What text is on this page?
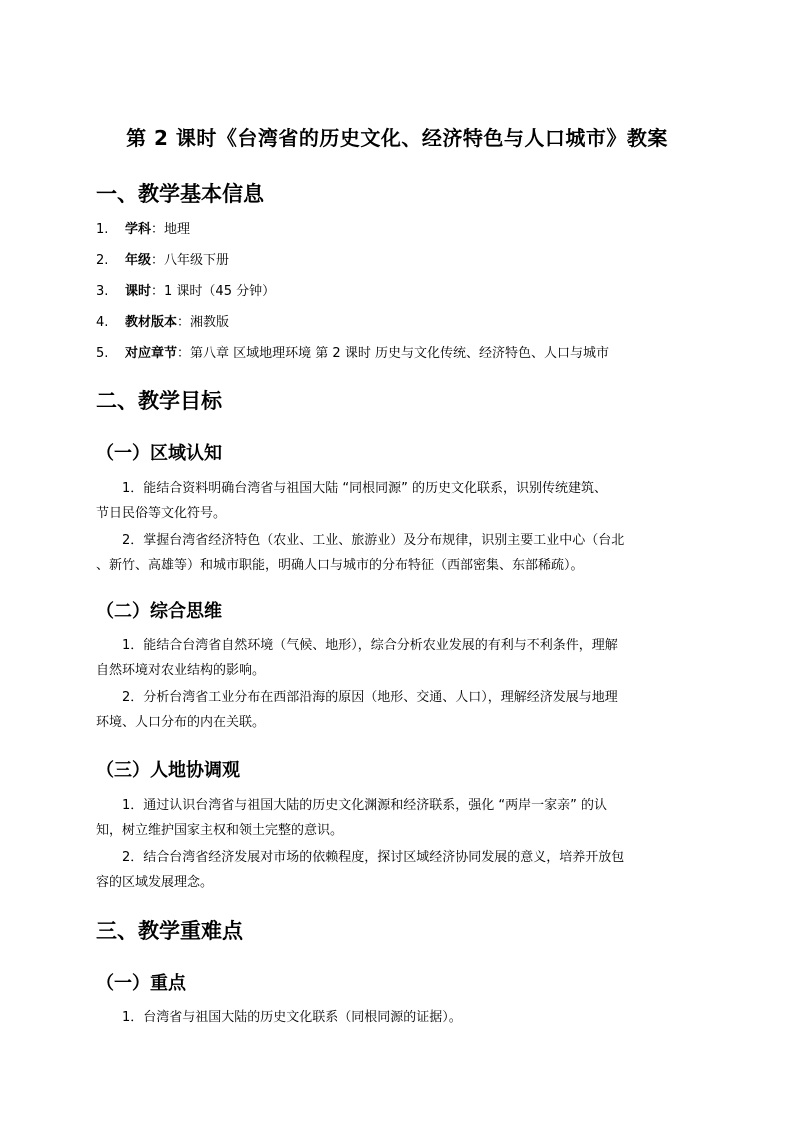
第 2 课时《台湾省的历史文化、经济特色与人口城市》教案
一、教学基本信息
1. 学科：地理
2. 年级：八年级下册
3. 课时：1 课时（45 分钟）
4. 教材版本：湘教版
5. 对应章节：第八章 区域地理环境 第 2 课时 历史与文化传统、经济特色、人口与城市
二、教学目标
（一）区域认知
1．能结合资料明确台湾省与祖国大陆 “同根同源” 的历史文化联系，识别传统建筑、
节日民俗等文化符号。
2．掌握台湾省经济特色（农业、工业、旅游业）及分布规律，识别主要工业中心（台北
、新竹、高雄等）和城市职能，明确人口与城市的分布特征（西部密集、东部稀疏）。
（二）综合思维
1．能结合台湾省自然环境（气候、地形），综合分析农业发展的有利与不利条件，理解
自然环境对农业结构的影响。
2．分析台湾省工业分布在西部沿海的原因（地形、交通、人口），理解经济发展与地理
环境、人口分布的内在关联。
（三）人地协调观
1．通过认识台湾省与祖国大陆的历史文化渊源和经济联系，强化 “两岸一家亲” 的认
知，树立维护国家主权和领土完整的意识。
2．结合台湾省经济发展对市场的依赖程度，探讨区域经济协同发展的意义，培养开放包
容的区域发展理念。
三、教学重难点
（一）重点
1．台湾省与祖国大陆的历史文化联系（同根同源的证据）。
